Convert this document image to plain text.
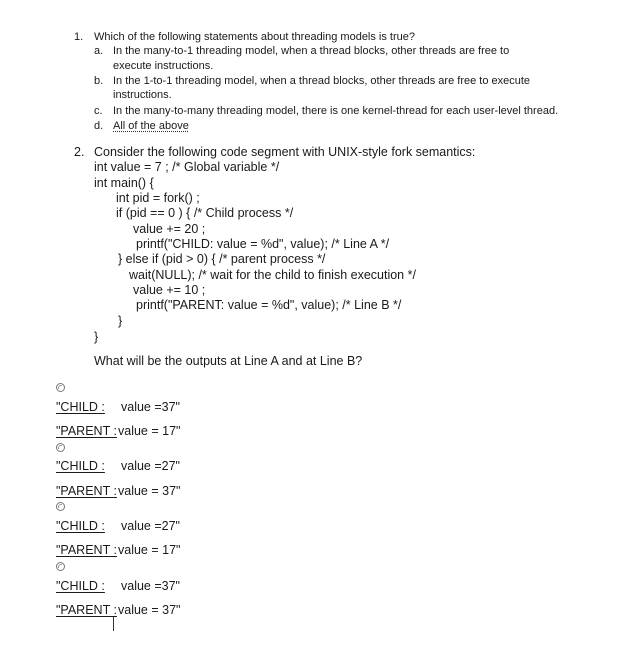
1. Which of the following statements about threading models is true?
a. In the many-to-1 threading model, when a thread blocks, other threads are free to
execute instructions.
b. In the 1-to-1 threading model, when a thread blocks, other threads are free to execute
instructions.
c. In the many-to-many threading model, there is one kernel-thread for each user-level thread.
d. All of the above
2. Consider the following code segment with UNIX-style fork semantics:
int value = 7 ; /* Global variable */
int main() {
int pid = fork() ;
if (pid == 0 ) { /* Child process */
value += 20 ;
printf("CHILD: value = %d", value); /* Line A */
} else if (pid > 0) { /* parent process */
wait(NULL); /* wait for the child to finish execution */
value += 10 ;
printf("PARENT: value = %d", value); /* Line B */
}
}
What will be the outputs at Line A and at Line B?
"CHILD : value =37"
"PARENT : value = 17"
"CHILD : value =27"
"PARENT : value = 37"
"CHILD : value =27"
"PARENT : value = 17"
"CHILD : value =37"
"PARENT : value = 37"
